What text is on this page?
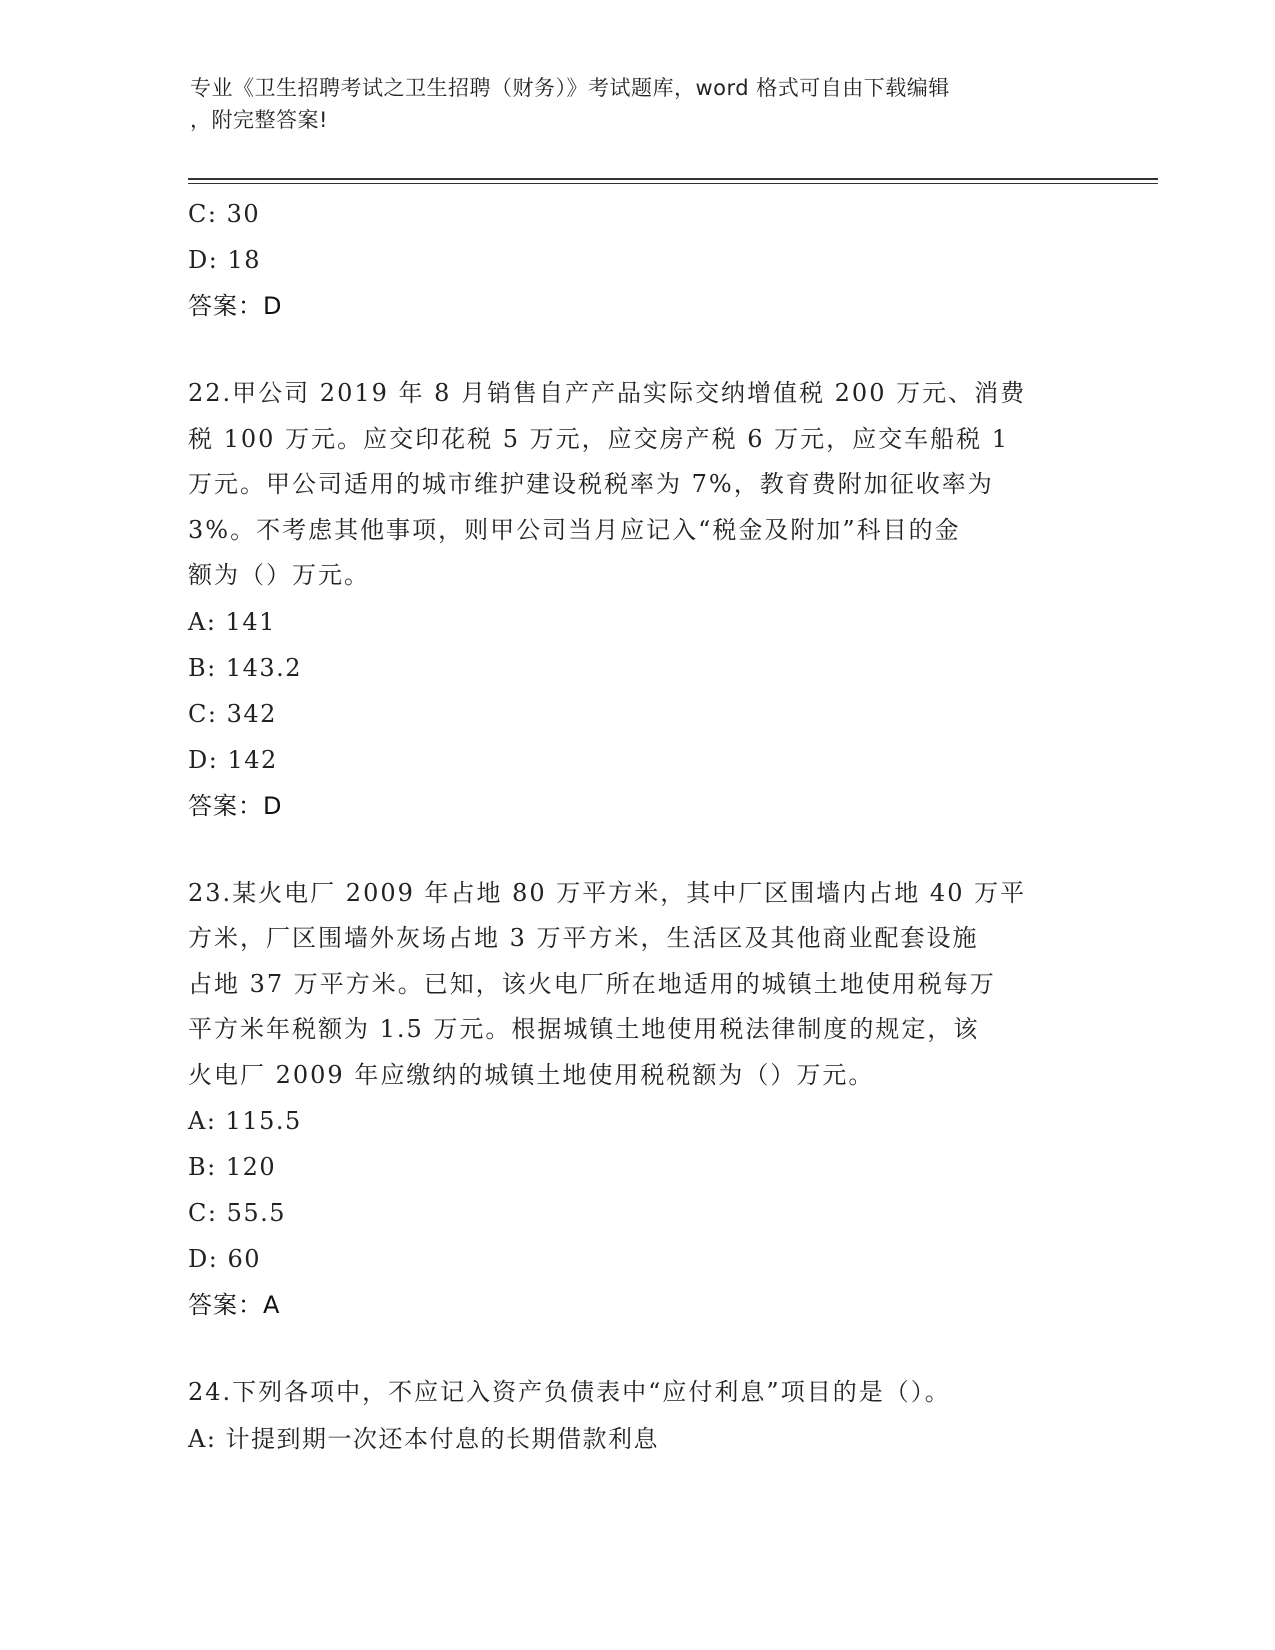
专业《卫生招聘考试之卫生招聘（财务）》考试题库，word 格式可自由下载编辑
，附完整答案!
C: 30
D: 18
答案：D
22.甲公司 2019 年 8 月销售自产产品实际交纳增值税 200 万元、消费
税 100 万元。应交印花税 5 万元，应交房产税 6 万元，应交车船税 1
万元。甲公司适用的城市维护建设税税率为 7%，教育费附加征收率为
3%。不考虑其他事项，则甲公司当月应记入“税金及附加”科目的金
额为（）万元。
A: 141
B: 143.2
C: 342
D: 142
答案：D
23.某火电厂 2009 年占地 80 万平方米，其中厂区围墙内占地 40 万平
方米，厂区围墙外灰场占地 3 万平方米，生活区及其他商业配套设施
占地 37 万平方米。已知，该火电厂所在地适用的城镇土地使用税每万
平方米年税额为 1.5 万元。根据城镇土地使用税法律制度的规定，该
火电厂 2009 年应缴纳的城镇土地使用税税额为（）万元。
A: 115.5
B: 120
C: 55.5
D: 60
答案：A
24.下列各项中，不应记入资产负债表中“应付利息”项目的是（）。
A: 计提到期一次还本付息的长期借款利息
